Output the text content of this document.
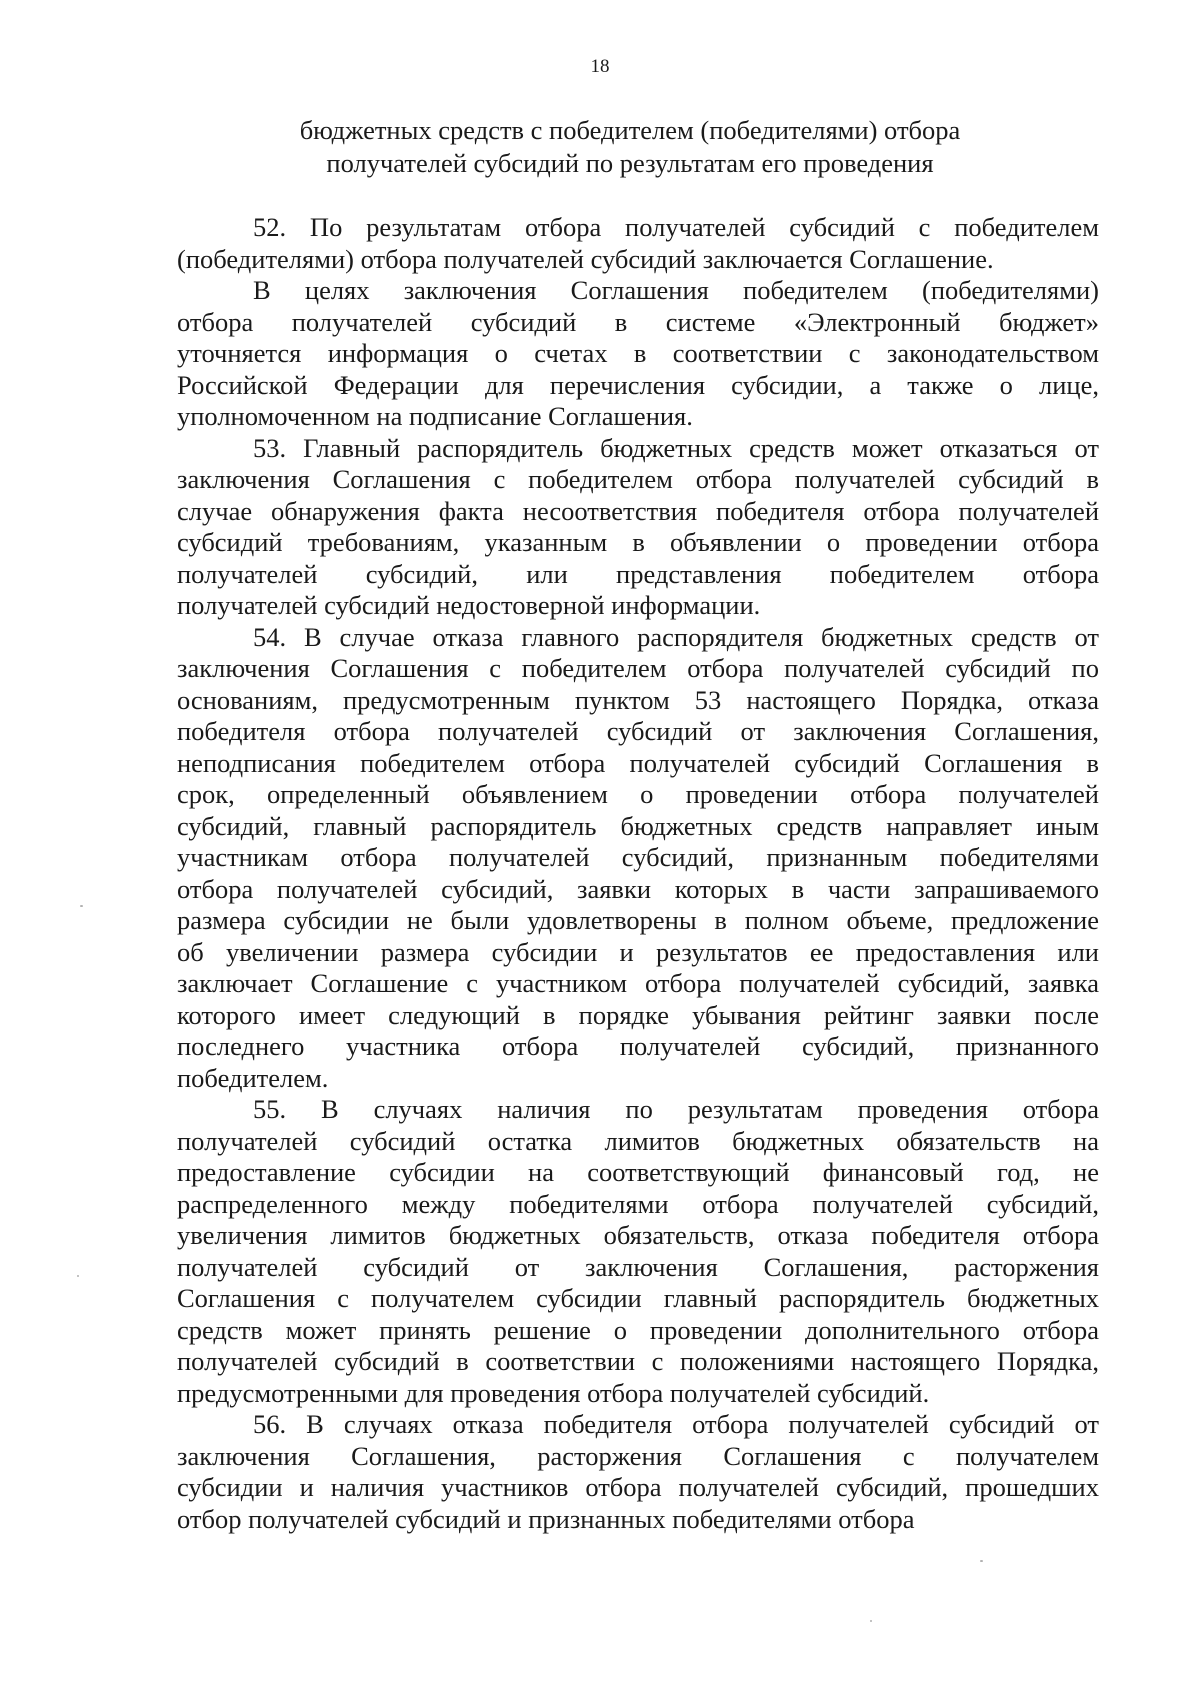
18
бюджетных средств с победителем (победителями) отбора
получателей субсидий по результатам его проведения
52. По результатам отбора получателей субсидий с победителем
(победителями) отбора получателей субсидий заключается Соглашение.
В целях заключения Соглашения победителем (победителями)
отбора получателей субсидий в системе «Электронный бюджет»
уточняется информация о счетах в соответствии с законодательством
Российской Федерации для перечисления субсидии, а также о лице,
уполномоченном на подписание Соглашения.
53. Главный распорядитель бюджетных средств может отказаться от
заключения Соглашения с победителем отбора получателей субсидий в
случае обнаружения факта несоответствия победителя отбора получателей
субсидий требованиям, указанным в объявлении о проведении отбора
получателей субсидий, или представления победителем отбора
получателей субсидий недостоверной информации.
54. В случае отказа главного распорядителя бюджетных средств от
заключения Соглашения с победителем отбора получателей субсидий по
основаниям, предусмотренным пунктом 53 настоящего Порядка, отказа
победителя отбора получателей субсидий от заключения Соглашения,
неподписания победителем отбора получателей субсидий Соглашения в
срок, определенный объявлением о проведении отбора получателей
субсидий, главный распорядитель бюджетных средств направляет иным
участникам отбора получателей субсидий, признанным победителями
отбора получателей субсидий, заявки которых в части запрашиваемого
размера субсидии не были удовлетворены в полном объеме, предложение
об увеличении размера субсидии и результатов ее предоставления или
заключает Соглашение с участником отбора получателей субсидий, заявка
которого имеет следующий в порядке убывания рейтинг заявки после
последнего участника отбора получателей субсидий, признанного
победителем.
55. В случаях наличия по результатам проведения отбора
получателей субсидий остатка лимитов бюджетных обязательств на
предоставление субсидии на соответствующий финансовый год, не
распределенного между победителями отбора получателей субсидий,
увеличения лимитов бюджетных обязательств, отказа победителя отбора
получателей субсидий от заключения Соглашения, расторжения
Соглашения с получателем субсидии главный распорядитель бюджетных
средств может принять решение о проведении дополнительного отбора
получателей субсидий в соответствии с положениями настоящего Порядка,
предусмотренными для проведения отбора получателей субсидий.
56. В случаях отказа победителя отбора получателей субсидий от
заключения Соглашения, расторжения Соглашения с получателем
субсидии и наличия участников отбора получателей субсидий, прошедших
отбор получателей субсидий и признанных победителями отбора
